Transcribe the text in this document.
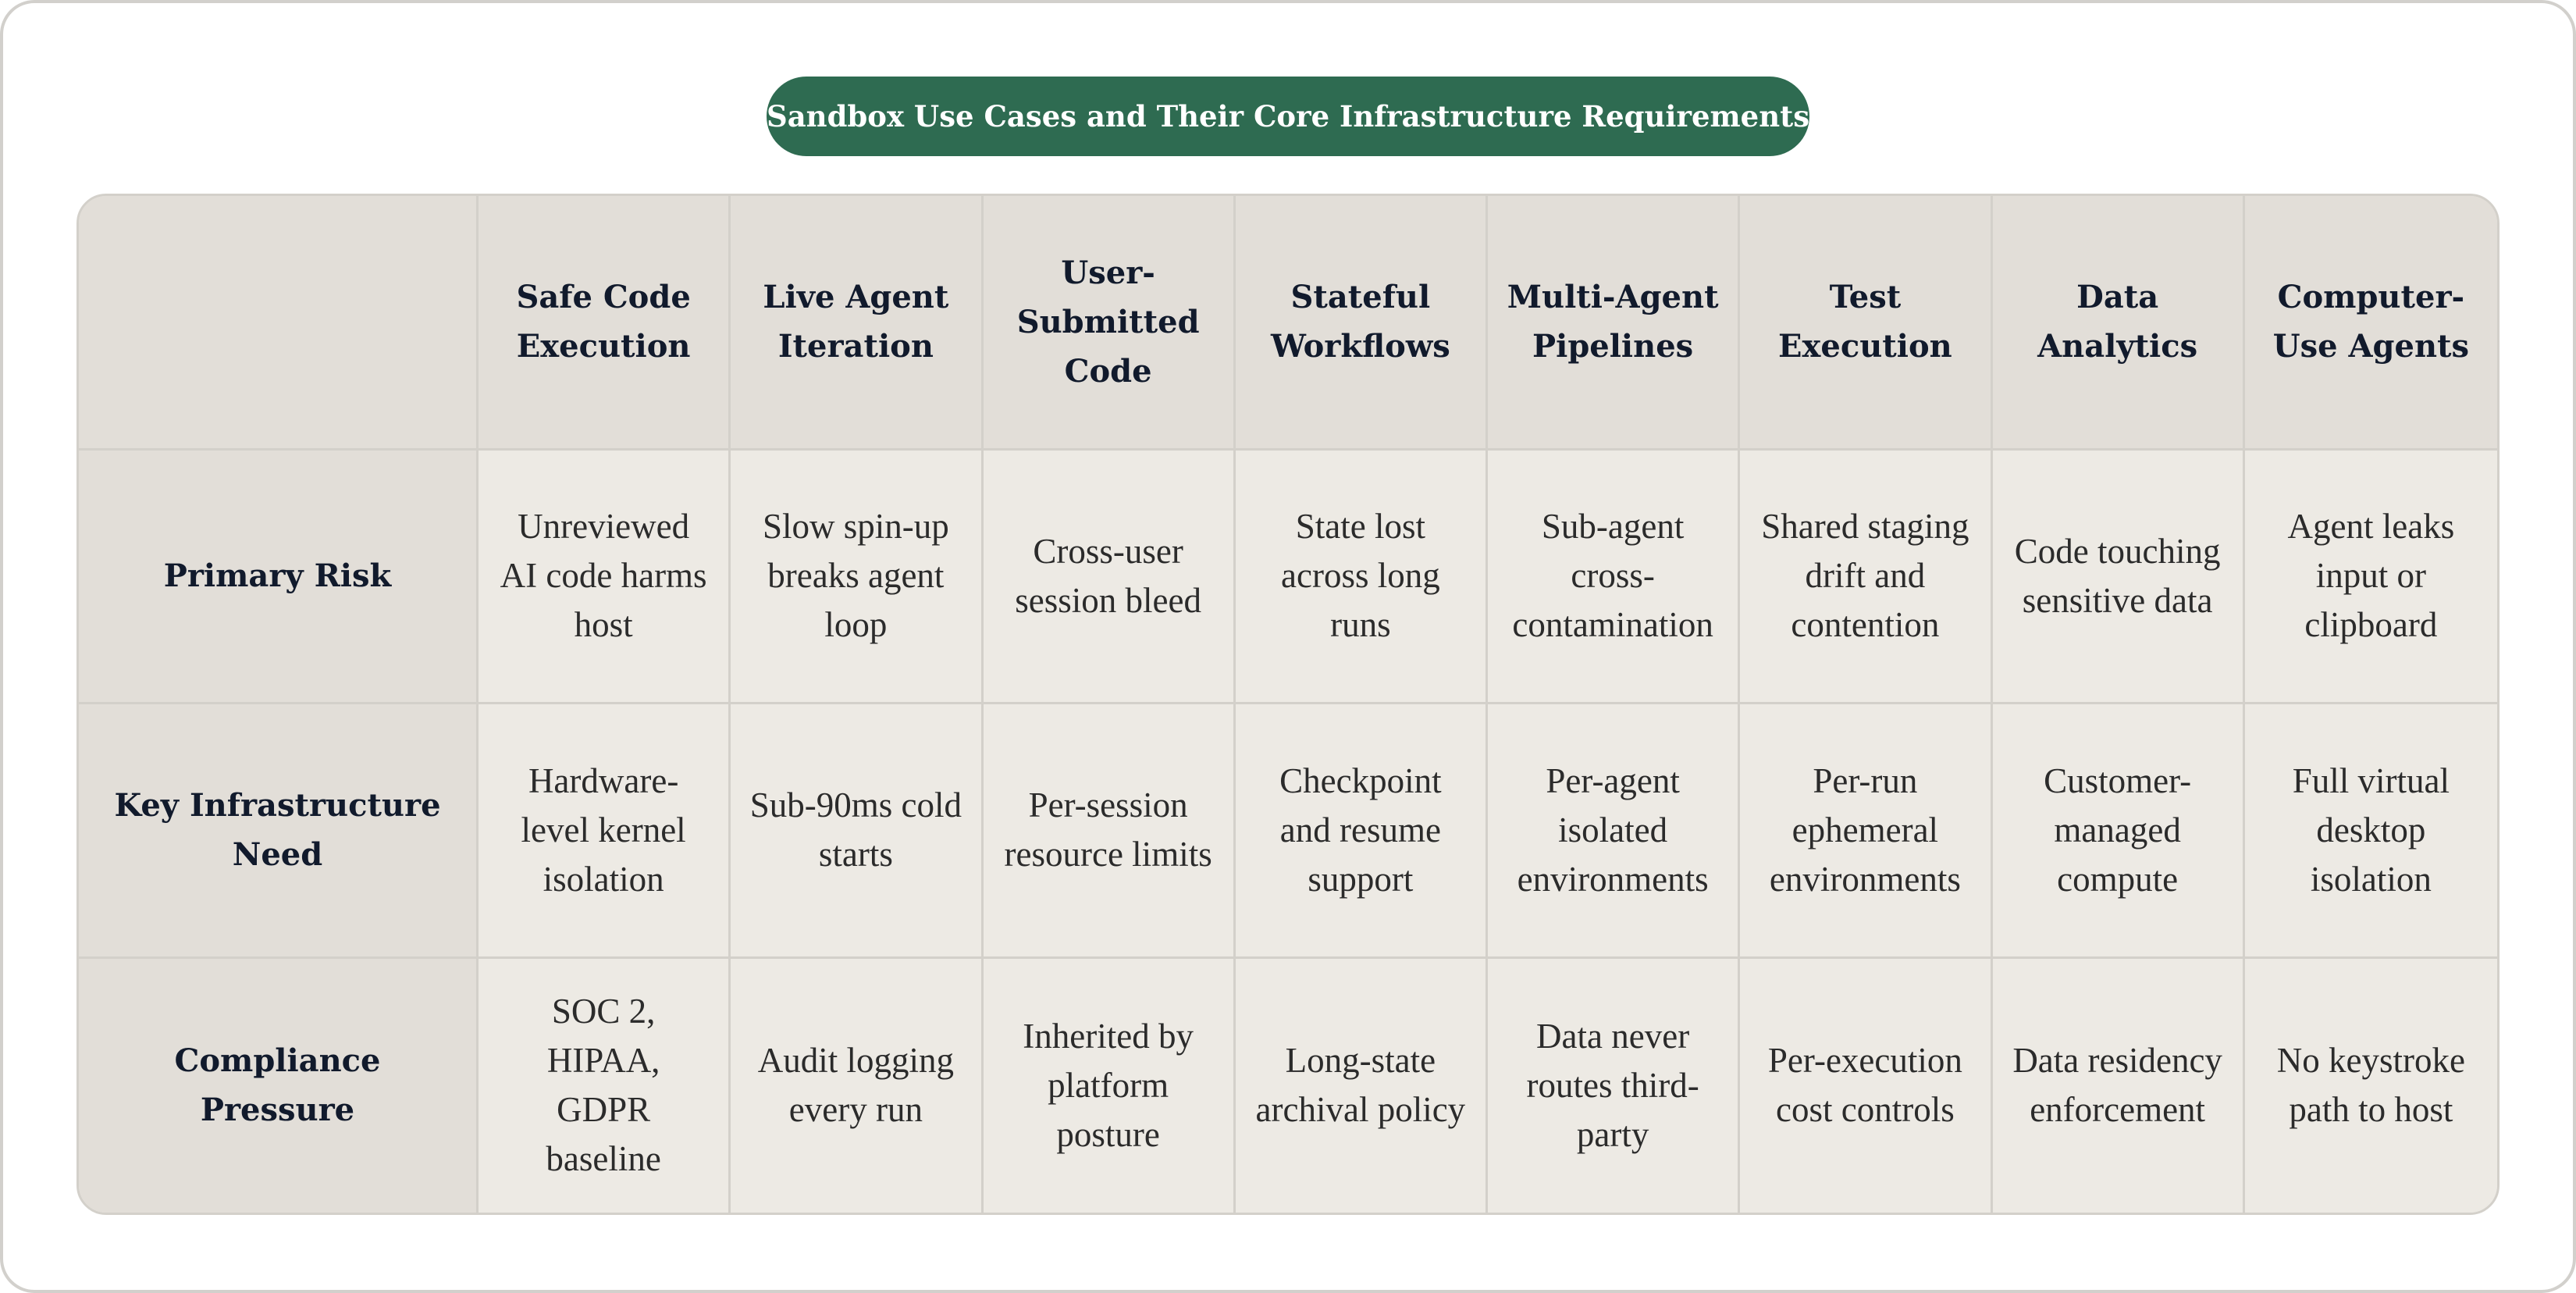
Sandbox Use Cases and Their Core Infrastructure Requirements
Safe Code Execution
Live Agent Iteration
User-Submitted Code
Stateful Workflows
Multi-Agent Pipelines
Test Execution
Data Analytics
Computer-Use Agents
Primary Risk
Unreviewed AI code harms host
Slow spin-up breaks agent loop
Cross-user session bleed
State lost across long runs
Sub-agent cross-contamination
Shared staging drift and contention
Code touching sensitive data
Agent leaks input or clipboard
Key Infrastructure Need
Hardware-level kernel isolation
Sub-90ms cold starts
Per-session resource limits
Checkpoint and resume support
Per-agent isolated environments
Per-run ephemeral environments
Customer-managed compute
Full virtual desktop isolation
Compliance Pressure
SOC 2, HIPAA, GDPR baseline
Audit logging every run
Inherited by platform posture
Long-state archival policy
Data never routes third-party
Per-execution cost controls
Data residency enforcement
No keystroke path to host
